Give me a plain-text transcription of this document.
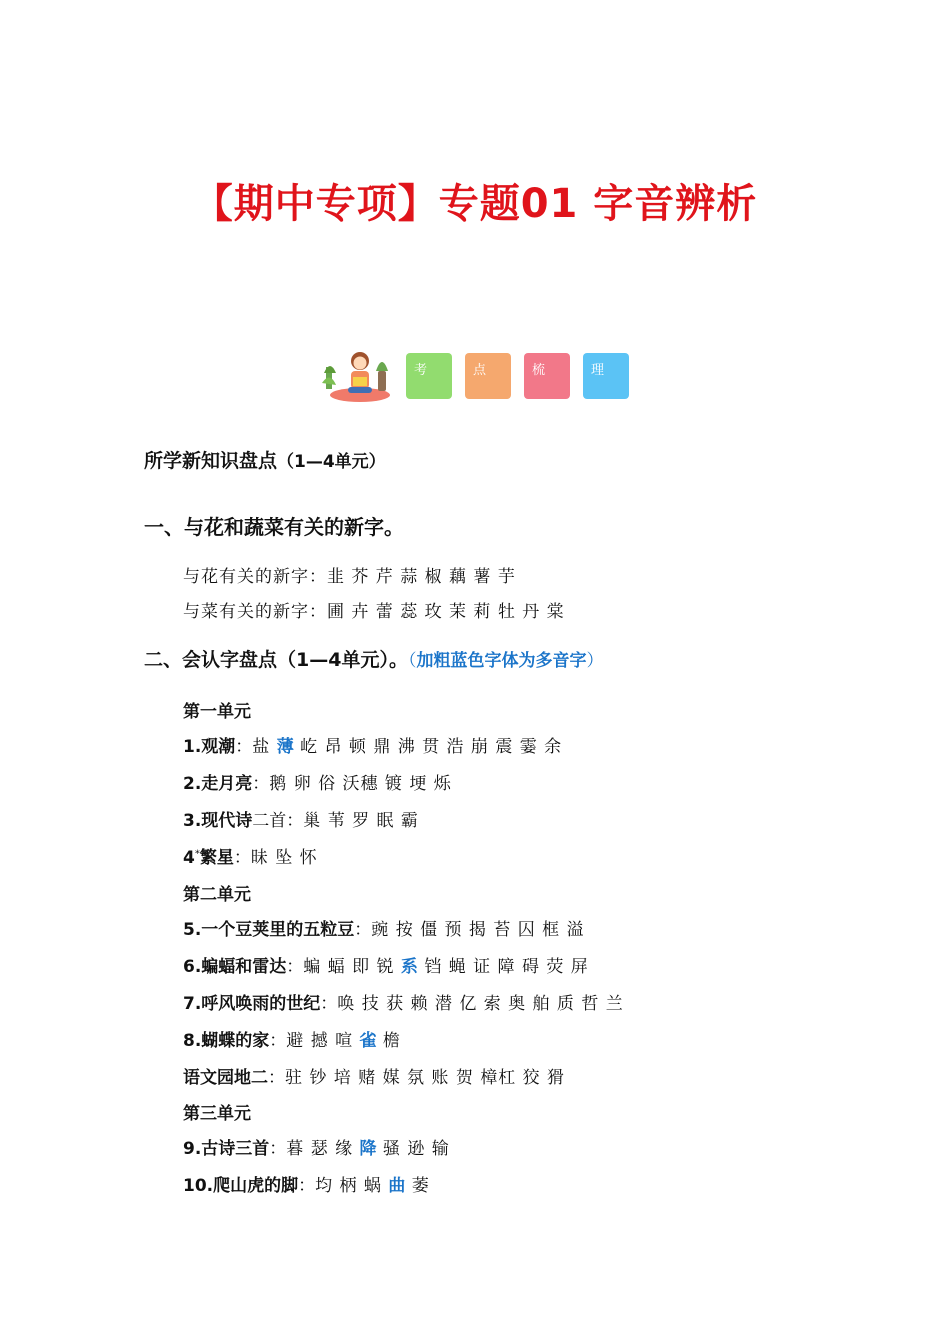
【期中专项】专题01 字音辨析
考	点	梳	理
所学新知识盘点（1—4单元）
一、与花和蔬菜有关的新字。
与花有关的新字：韭 芥 芹 蒜 椒 藕 薯 芋
与菜有关的新字：圃 卉 蕾 蕊 玫 茉 莉 牡 丹 棠
二、会认字盘点（1—4单元）。（加粗蓝色字体为多音字）
第一单元
1.观潮：盐 薄 屹 昂 顿 鼎 沸 贯 浩 崩 震 霎 余
2.走月亮：鹅 卵 俗 沃穗 镀 埂 烁
3.现代诗二首：巢 苇 罗 眠 霸
4*繁星：昧 坠 怀
第二单元
5.一个豆荚里的五粒豆：豌 按 僵 预 揭 苔 囚 框 溢
6.蝙蝠和雷达：蝙 蝠 即 锐 系 铛 蝇 证 障 碍 荧 屏
7.呼风唤雨的世纪：唤 技 获 赖 潜 亿 索 奥 舶 质 哲 兰
8.蝴蝶的家：避 撼 喧 雀 檐
语文园地二：驻 钞 培 赌 媒 氛 账 贺 樟杠 狡 猾
第三单元
9.古诗三首：暮 瑟 缘 降 骚 逊 输
10.爬山虎的脚：均 柄 蜗 曲 萎
